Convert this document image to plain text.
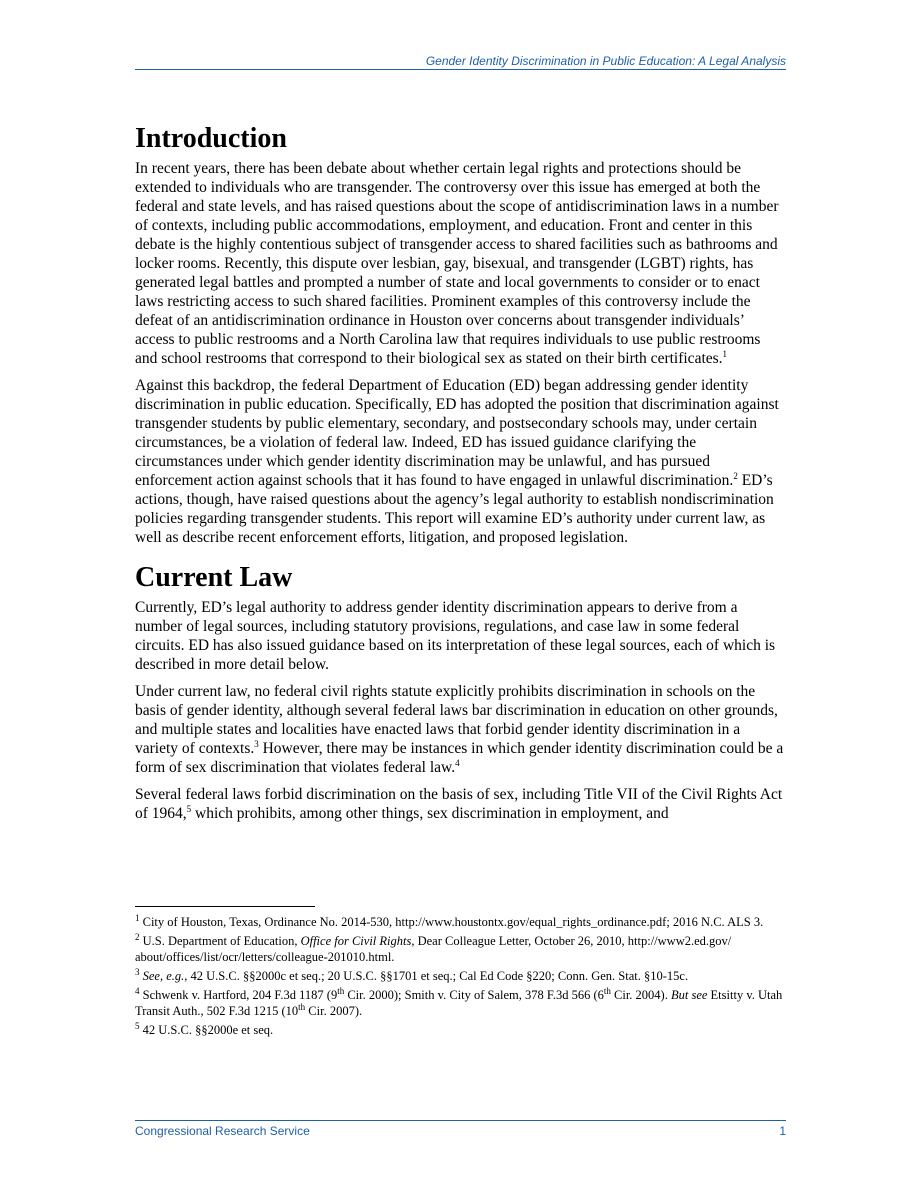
Gender Identity Discrimination in Public Education: A Legal Analysis
Introduction

In recent years, there has been debate about whether certain legal rights and protections should be extended to individuals who are transgender. The controversy over this issue has emerged at both the federal and state levels, and has raised questions about the scope of antidiscrimination laws in a number of contexts, including public accommodations, employment, and education. Front and center in this debate is the highly contentious subject of transgender access to shared facilities such as bathrooms and locker rooms. Recently, this dispute over lesbian, gay, bisexual, and transgender (LGBT) rights, has generated legal battles and prompted a number of state and local governments to consider or to enact laws restricting access to such shared facilities. Prominent examples of this controversy include the defeat of an antidiscrimination ordinance in Houston over concerns about transgender individuals’ access to public restrooms and a North Carolina law that requires individuals to use public restrooms and school restrooms that correspond to their biological sex as stated on their birth certificates.$^1$

Against this backdrop, the federal Department of Education (ED) began addressing gender identity discrimination in public education. Specifically, ED has adopted the position that discrimination against transgender students by public elementary, secondary, and postsecondary schools may, under certain circumstances, be a violation of federal law. Indeed, ED has issued guidance clarifying the circumstances under which gender identity discrimination may be unlawful, and has pursued enforcement action against schools that it has found to have engaged in unlawful discrimination.$^2$ ED’s actions, though, have raised questions about the agency’s legal authority to establish nondiscrimination policies regarding transgender students. This report will examine ED’s authority under current law, as well as describe recent enforcement efforts, litigation, and proposed legislation.

Current Law

Currently, ED’s legal authority to address gender identity discrimination appears to derive from a number of legal sources, including statutory provisions, regulations, and case law in some federal circuits. ED has also issued guidance based on its interpretation of these legal sources, each of which is described in more detail below.

Under current law, no federal civil rights statute explicitly prohibits discrimination in schools on the basis of gender identity, although several federal laws bar discrimination in education on other grounds, and multiple states and localities have enacted laws that forbid gender identity discrimination in a variety of contexts.$^3$ However, there may be instances in which gender identity discrimination could be a form of sex discrimination that violates federal law.$^4$

Several federal laws forbid discrimination on the basis of sex, including Title VII of the Civil Rights Act of 1964,$^5$ which prohibits, among other things, sex discrimination in employment, and

$^1$ City of Houston, Texas, Ordinance No. 2014-530, http://www.houstontx.gov/equal_rights_ordinance.pdf; 2016 N.C. ALS 3.
$^2$ U.S. Department of Education, Office for Civil Rights, Dear Colleague Letter, October 26, 2010, http://www2.ed.gov/ about/offices/list/ocr/letters/colleague-201010.html.
$^3$ See, e.g., 42 U.S.C. §§2000c et seq.; 20 U.S.C. §§1701 et seq.; Cal Ed Code §220; Conn. Gen. Stat. §10-15c.
$^4$ Schwenk v. Hartford, 204 F.3d 1187 (9th Cir. 2000); Smith v. City of Salem, 378 F.3d 566 (6th Cir. 2004). But see Etsitty v. Utah Transit Auth., 502 F.3d 1215 (10th Cir. 2007).
$^5$ 42 U.S.C. §§2000e et seq.
Congressional Research Service	1
